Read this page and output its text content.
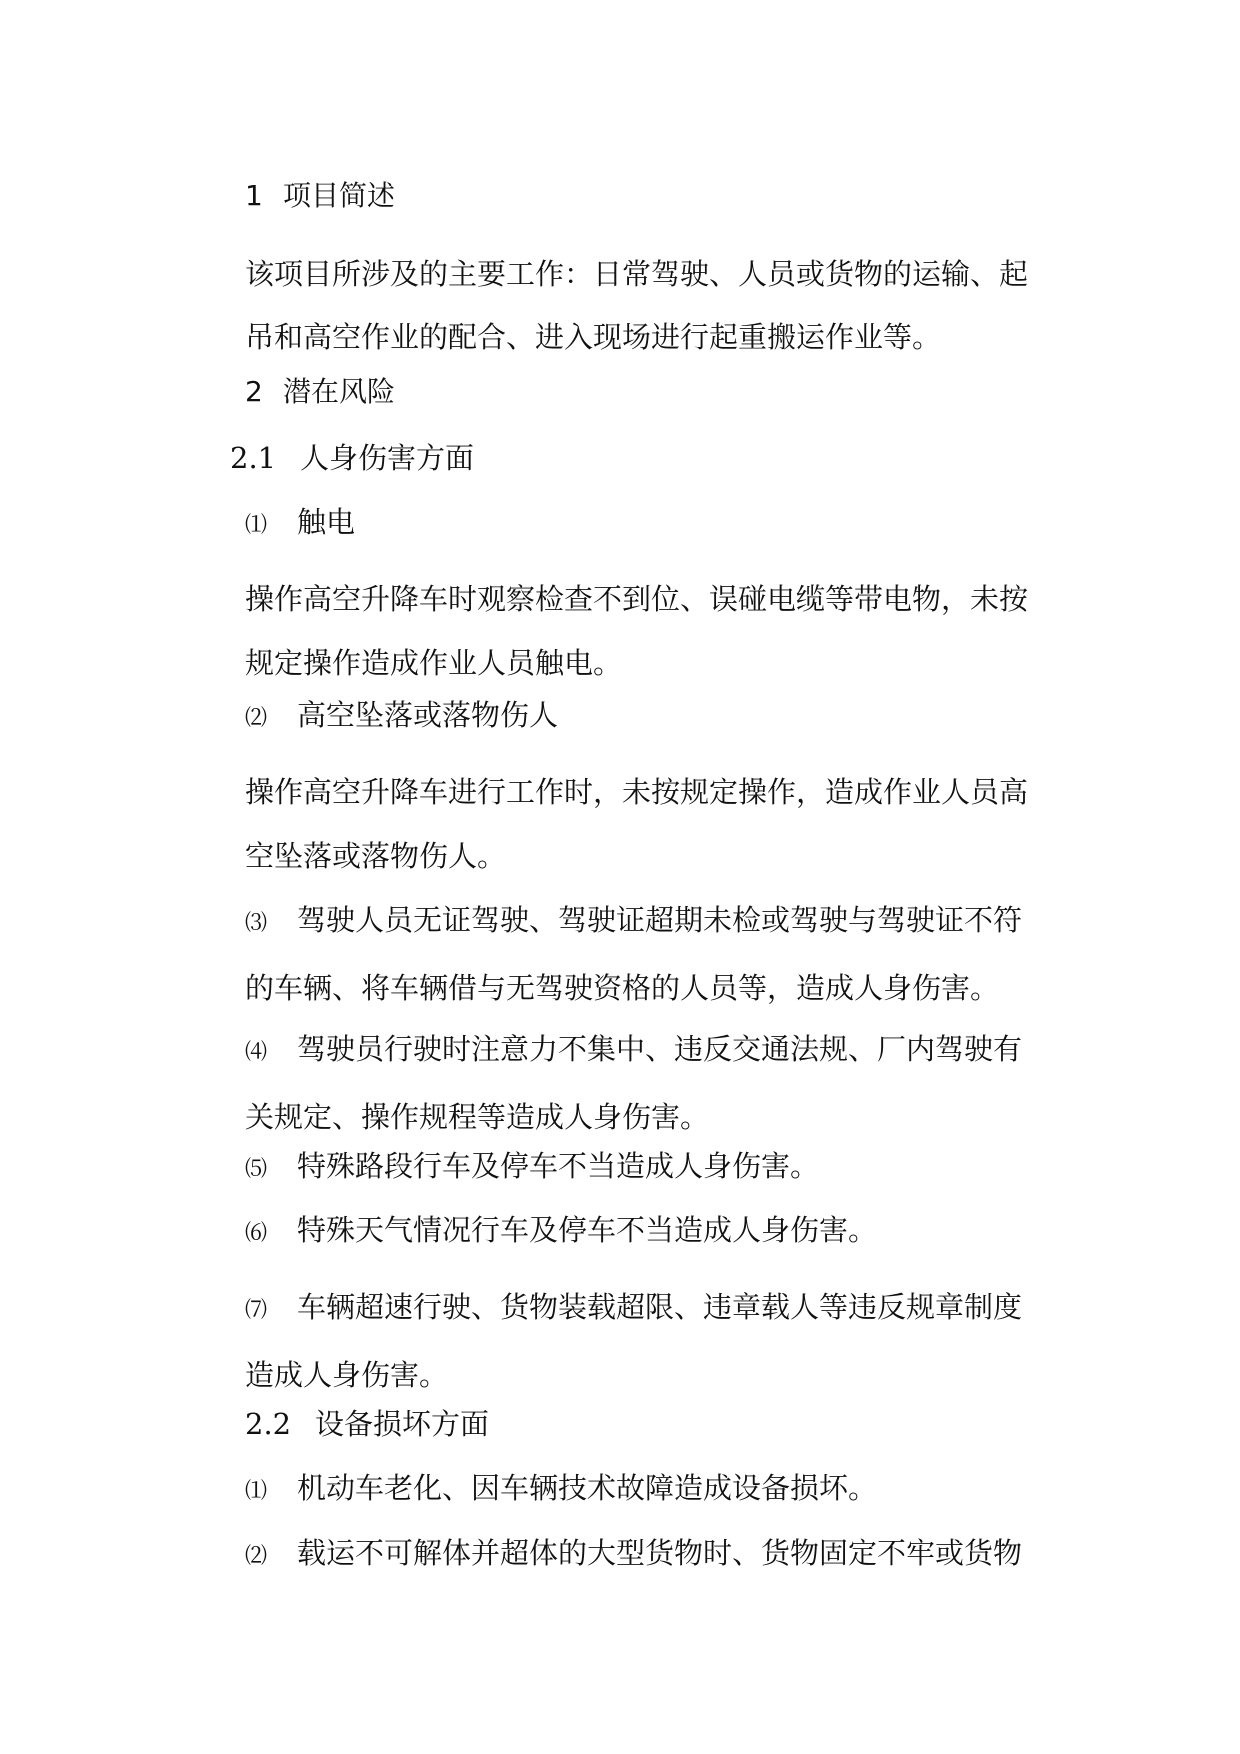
1 项目简述
该项目所涉及的主要工作：日常驾驶、人员或货物的运输、起吊和高空作业的配合、进入现场进行起重搬运作业等。
2 潜在风险
2.1 人身伤害方面
⑴ 触电
操作高空升降车时观察检查不到位、误碰电缆等带电物，未按规定操作造成作业人员触电。
⑵ 高空坠落或落物伤人
操作高空升降车进行工作时，未按规定操作，造成作业人员高空坠落或落物伤人。
⑶ 驾驶人员无证驾驶、驾驶证超期未检或驾驶与驾驶证不符的车辆、将车辆借与无驾驶资格的人员等，造成人身伤害。
⑷ 驾驶员行驶时注意力不集中、违反交通法规、厂内驾驶有关规定、操作规程等造成人身伤害。
⑸ 特殊路段行车及停车不当造成人身伤害。
⑹ 特殊天气情况行车及停车不当造成人身伤害。
⑺ 车辆超速行驶、货物装载超限、违章载人等违反规章制度造成人身伤害。
2.2 设备损坏方面
⑴ 机动车老化、因车辆技术故障造成设备损坏。
⑵ 载运不可解体并超体的大型货物时、货物固定不牢或货物
